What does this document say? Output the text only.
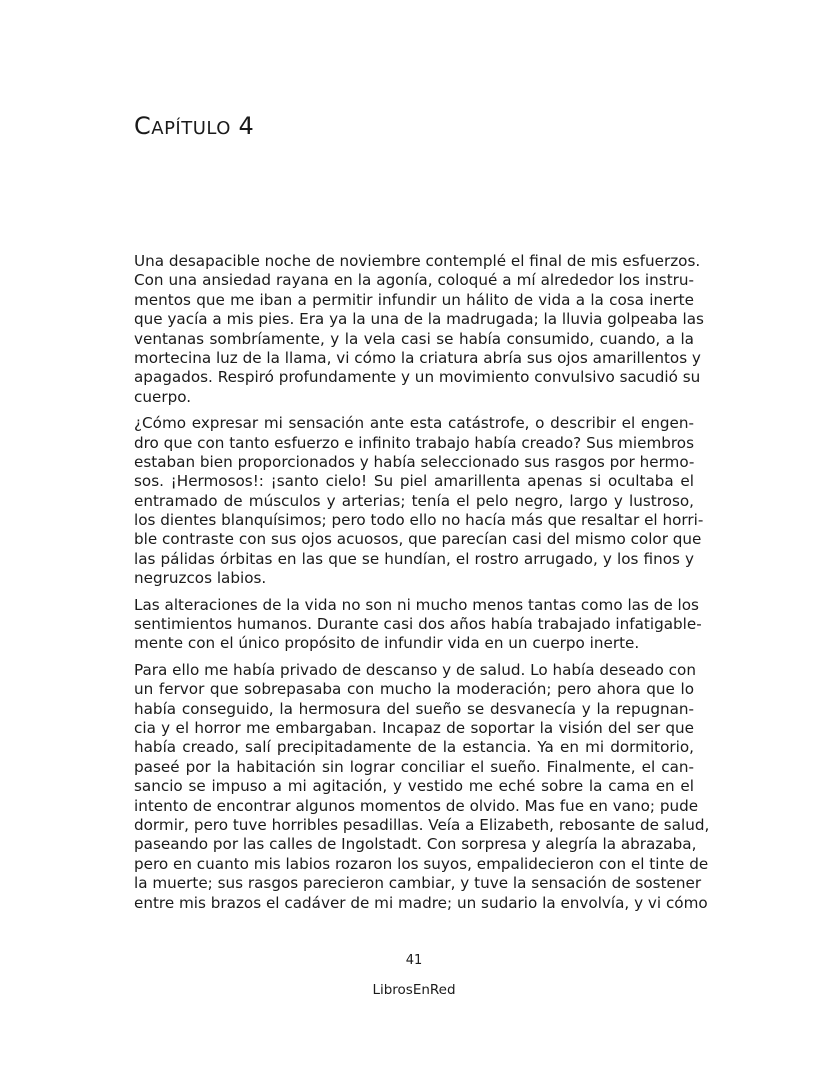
CAPÍTULO 4

Una desapacible noche de noviembre contemplé el final de mis esfuerzos.
Con una ansiedad rayana en la agonía, coloqué a mí alrededor los instru-
mentos que me iban a permitir infundir un hálito de vida a la cosa inerte
que yacía a mis pies. Era ya la una de la madrugada; la lluvia golpeaba las
ventanas sombríamente, y la vela casi se había consumido, cuando, a la
mortecina luz de la llama, vi cómo la criatura abría sus ojos amarillentos y
apagados. Respiró profundamente y un movimiento convulsivo sacudió su
cuerpo.

¿Cómo expresar mi sensación ante esta catástrofe, o describir el engen-
dro que con tanto esfuerzo e infinito trabajo había creado? Sus miembros
estaban bien proporcionados y había seleccionado sus rasgos por hermo-
sos. ¡Hermosos!: ¡santo cielo! Su piel amarillenta apenas si ocultaba el
entramado de músculos y arterias; tenía el pelo negro, largo y lustroso,
los dientes blanquísimos; pero todo ello no hacía más que resaltar el horri-
ble contraste con sus ojos acuosos, que parecían casi del mismo color que
las pálidas órbitas en las que se hundían, el rostro arrugado, y los finos y
negruzcos labios.

Las alteraciones de la vida no son ni mucho menos tantas como las de los
sentimientos humanos. Durante casi dos años había trabajado infatigable-
mente con el único propósito de infundir vida en un cuerpo inerte.

Para ello me había privado de descanso y de salud. Lo había deseado con
un fervor que sobrepasaba con mucho la moderación; pero ahora que lo
había conseguido, la hermosura del sueño se desvanecía y la repugnan-
cia y el horror me embargaban. Incapaz de soportar la visión del ser que
había creado, salí precipitadamente de la estancia. Ya en mi dormitorio,
paseé por la habitación sin lograr conciliar el sueño. Finalmente, el can-
sancio se impuso a mi agitación, y vestido me eché sobre la cama en el
intento de encontrar algunos momentos de olvido. Mas fue en vano; pude
dormir, pero tuve horribles pesadillas. Veía a Elizabeth, rebosante de salud,
paseando por las calles de Ingolstadt. Con sorpresa y alegría la abrazaba,
pero en cuanto mis labios rozaron los suyos, empalidecieron con el tinte de
la muerte; sus rasgos parecieron cambiar, y tuve la sensación de sostener
entre mis brazos el cadáver de mi madre; un sudario la envolvía, y vi cómo

41
LibrosEnRed
